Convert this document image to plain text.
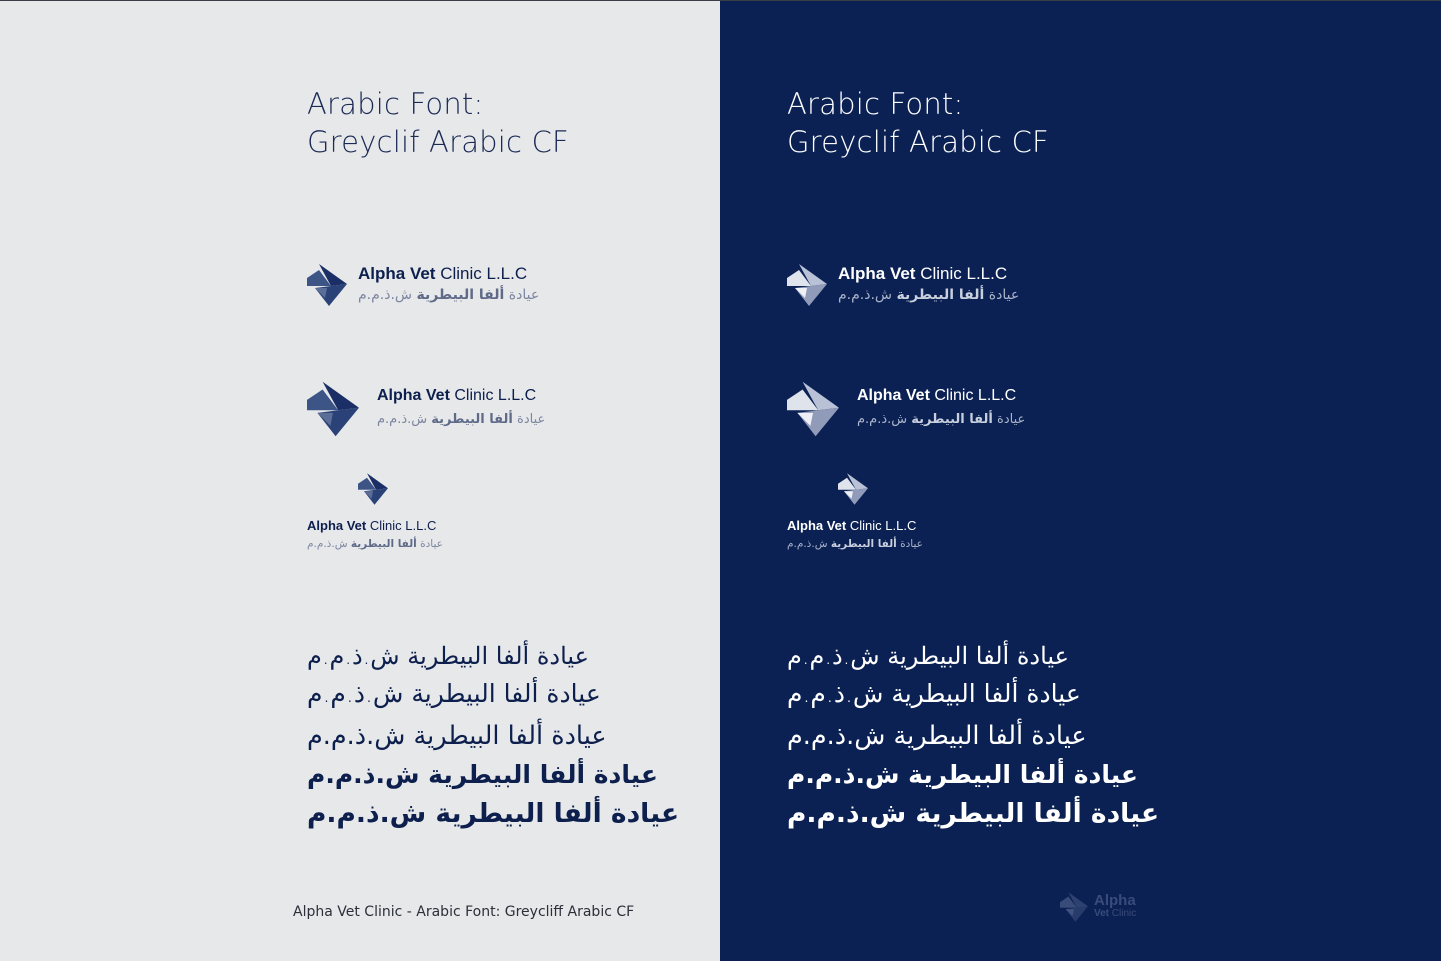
Arabic Font:
Greyclif Arabic CF
Alpha Vet Clinic L.L.C
عيادة ألفا البيطرية ش.ذ.م.م
Alpha Vet Clinic L.L.C
عيادة ألفا البيطرية ش.ذ.م.م
Alpha Vet Clinic L.L.C
عيادة ألفا البيطرية ش.ذ.م.م
عيادة ألفا البيطرية ش.ذ.م.م
عيادة ألفا البيطرية ش.ذ.م.م
عيادة ألفا البيطرية ش.ذ.م.م
عيادة ألفا البيطرية ش.ذ.م.م
عيادة ألفا البيطرية ش.ذ.م.م
Alpha Vet Clinic - Arabic Font: Greycliff Arabic CF
Arabic Font:
Greyclif Arabic CF
Alpha Vet Clinic L.L.C
عيادة ألفا البيطرية ش.ذ.م.م
Alpha Vet Clinic L.L.C
عيادة ألفا البيطرية ش.ذ.م.م
Alpha Vet Clinic L.L.C
عيادة ألفا البيطرية ش.ذ.م.م
عيادة ألفا البيطرية ش.ذ.م.م
عيادة ألفا البيطرية ش.ذ.م.م
عيادة ألفا البيطرية ش.ذ.م.م
عيادة ألفا البيطرية ش.ذ.م.م
عيادة ألفا البيطرية ش.ذ.م.م
Alpha
Vet Clinic
